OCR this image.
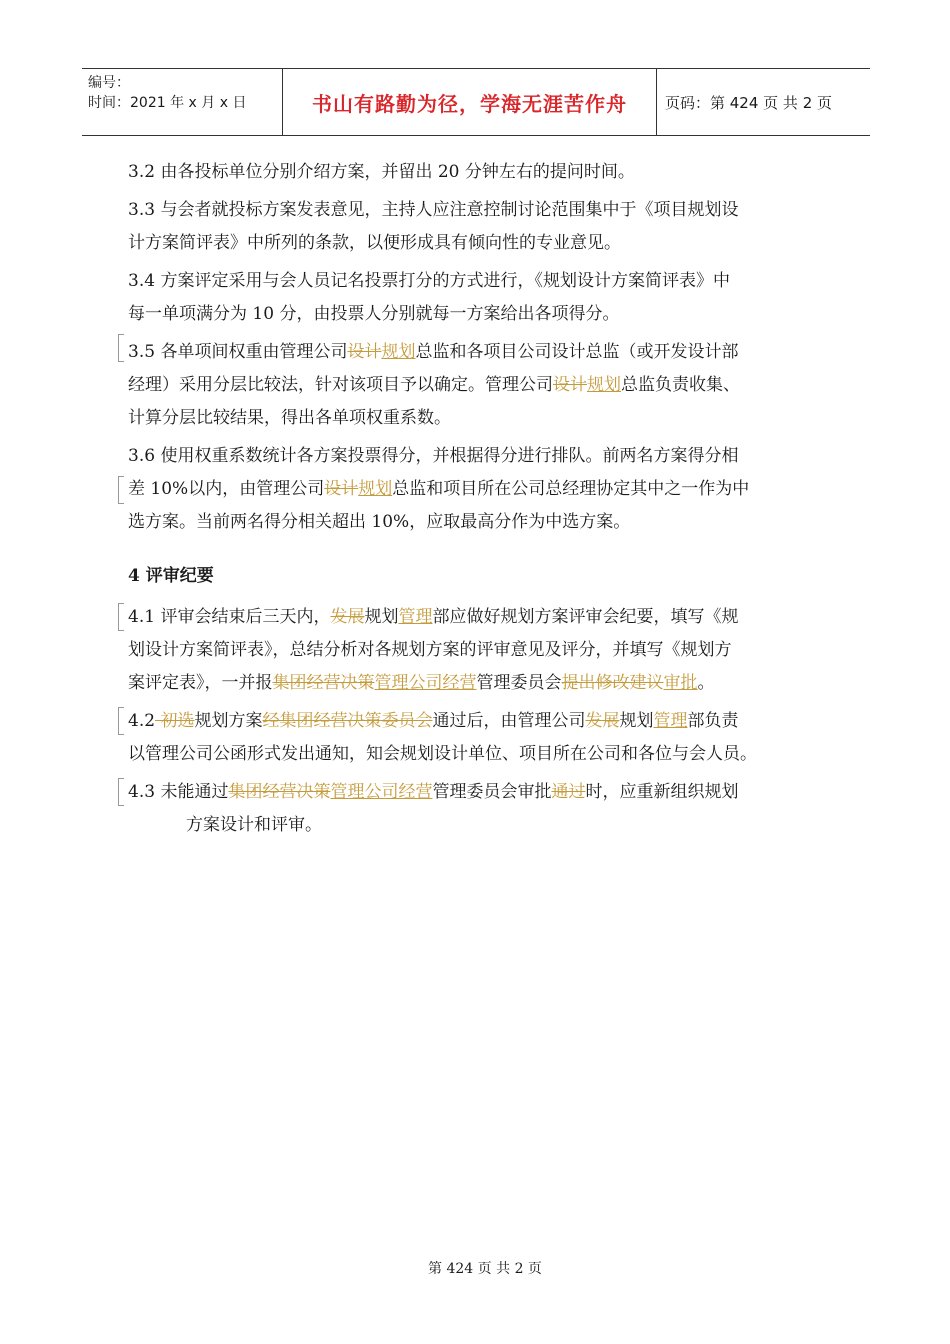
编号：
时间：2021 年 x 月 x 日	书山有路勤为径，学海无涯苦作舟	页码：第 424 页 共 2 页
3.2 由各投标单位分别介绍方案，并留出 20 分钟左右的提问时间。
3.3 与会者就投标方案发表意见，主持人应注意控制讨论范围集中于《项目规划设
计方案简评表》中所列的条款，以便形成具有倾向性的专业意见。
3.4 方案评定采用与会人员记名投票打分的方式进行，《规划设计方案简评表》中
每一单项满分为 10 分，由投票人分别就每一方案给出各项得分。
3.5 各单项间权重由管理公司设计规划总监和各项目公司设计总监（或开发设计部
经理）采用分层比较法，针对该项目予以确定。管理公司设计规划总监负责收集、
计算分层比较结果，得出各单项权重系数。
3.6 使用权重系数统计各方案投票得分，并根据得分进行排队。前两名方案得分相
差 10%以内，由管理公司设计规划总监和项目所在公司总经理协定其中之一作为中
选方案。当前两名得分相关超出 10%，应取最高分作为中选方案。
4 评审纪要
4.1 评审会结束后三天内，发展规划管理部应做好规划方案评审会纪要，填写《规
划设计方案简评表》，总结分析对各规划方案的评审意见及评分，并填写《规划方
案评定表》，一并报集团经营决策管理公司经营管理委员会提出修改建议审批。
4.2 初选规划方案经集团经营决策委员会通过后，由管理公司发展规划管理部负责
以管理公司公函形式发出通知，知会规划设计单位、项目所在公司和各位与会人员。
4.3 未能通过集团经营决策管理公司经营管理委员会审批通过时，应重新组织规划
方案设计和评审。
第 424 页 共 2 页
